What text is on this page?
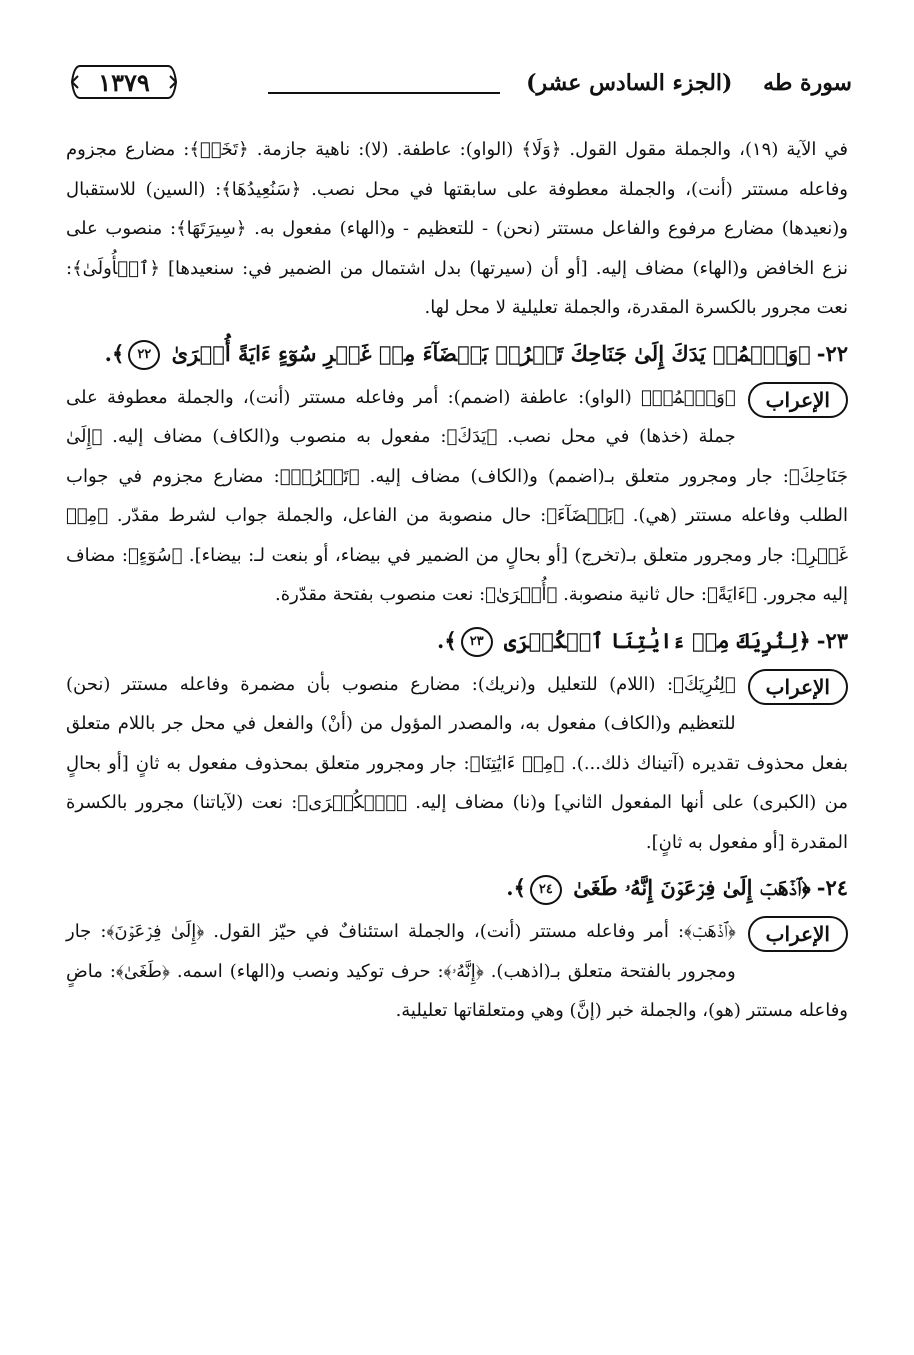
سورة طه    (الجزء السادس عشر)
١٣٧٩

في الآية (١٩)، والجملة مقول القول. ﴿وَلَا﴾ (الواو): عاطفة. (لا): ناهية جازمة. ﴿تَخَفۡ﴾: مضارع مجزوم وفاعله مستتر (أنت)، والجملة معطوفة على سابقتها في محل نصب. ﴿سَنُعِيدُهَا﴾: (السين) للاستقبال و(نعيدها) مضارع مرفوع والفاعل مستتر (نحن) - للتعظيم - و(الهاء) مفعول به. ﴿سِيرَتَهَا﴾: منصوب على نزع الخافض و(الهاء) مضاف إليه. [أو أن (سيرتها) بدل اشتمال من الضمير في: سنعيدها] ﴿ٱلۡأُولَىٰ﴾: نعت مجرور بالكسرة المقدرة، والجملة تعليلية لا محل لها.

٢٢-﴿وَٱضۡمُمۡ يَدَكَ إِلَىٰ جَنَاحِكَ تَخۡرُجۡ بَيۡضَآءَ مِنۡ غَيۡرِ سُوٓءٍ ءَايَةً أُخۡرَىٰ ٢٢﴾.

الإعراب

﴿وَٱضۡمُمۡ﴾ (الواو): عاطفة (اضمم): أمر وفاعله مستتر (أنت)، والجملة معطوفة على جملة (خذها) في محل نصب. ﴿يَدَكَ﴾: مفعول به منصوب و(الكاف) مضاف إليه. ﴿إِلَىٰ جَنَاحِكَ﴾: جار ومجرور متعلق بـ(اضمم) و(الكاف) مضاف إليه. ﴿تَخۡرُجۡ﴾: مضارع مجزوم في جواب الطلب وفاعله مستتر (هي). ﴿بَيۡضَآءَ﴾: حال منصوبة من الفاعل، والجملة جواب لشرط مقدّر. ﴿مِنۡ غَيۡرِ﴾: جار ومجرور متعلق بـ(تخرج) [أو بحالٍ من الضمير في بيضاء، أو بنعت لـ: بيضاء]. ﴿سُوٓءٍ﴾: مضاف إليه مجرور. ﴿ءَايَةً﴾: حال ثانية منصوبة. ﴿أُخۡرَىٰ﴾: نعت منصوب بفتحة مقدّرة.

٢٣-﴿لِنُرِيَكَ مِنۡ ءَايَٰتِنَا ٱلۡكُبۡرَى ٢٣﴾.

الإعراب

﴿لِنُرِيَكَ﴾: (اللام) للتعليل و(نريك): مضارع منصوب بأن مضمرة وفاعله مستتر (نحن) للتعظيم و(الكاف) مفعول به، والمصدر المؤول من (أنْ) والفعل في محل جر باللام متعلق بفعل محذوف تقديره (آتيناك ذلك...). ﴿مِنۡ ءَايَٰتِنَا﴾: جار ومجرور متعلق بمحذوف مفعول به ثانٍ [أو بحالٍ من (الكبرى) على أنها المفعول الثاني] و(نا) مضاف إليه. ﴿ٱلۡكُبۡرَى﴾: نعت (لآياتنا) مجرور بالكسرة المقدرة [أو مفعول به ثانٍ].

٢٤-﴿ٱذۡهَبۡ إِلَىٰ فِرۡعَوۡنَ إِنَّهُۥ طَغَىٰ ٢٤﴾.

الإعراب

﴿ٱذۡهَبۡ﴾: أمر وفاعله مستتر (أنت)، والجملة استئنافٌ في حيّز القول. ﴿إِلَىٰ فِرۡعَوۡنَ﴾: جار ومجرور بالفتحة متعلق بـ(اذهب). ﴿إِنَّهُۥ﴾: حرف توكيد ونصب و(الهاء) اسمه. ﴿طَغَىٰ﴾: ماضٍ وفاعله مستتر (هو)، والجملة خبر (إنَّ) وهي ومتعلقاتها تعليلية.
